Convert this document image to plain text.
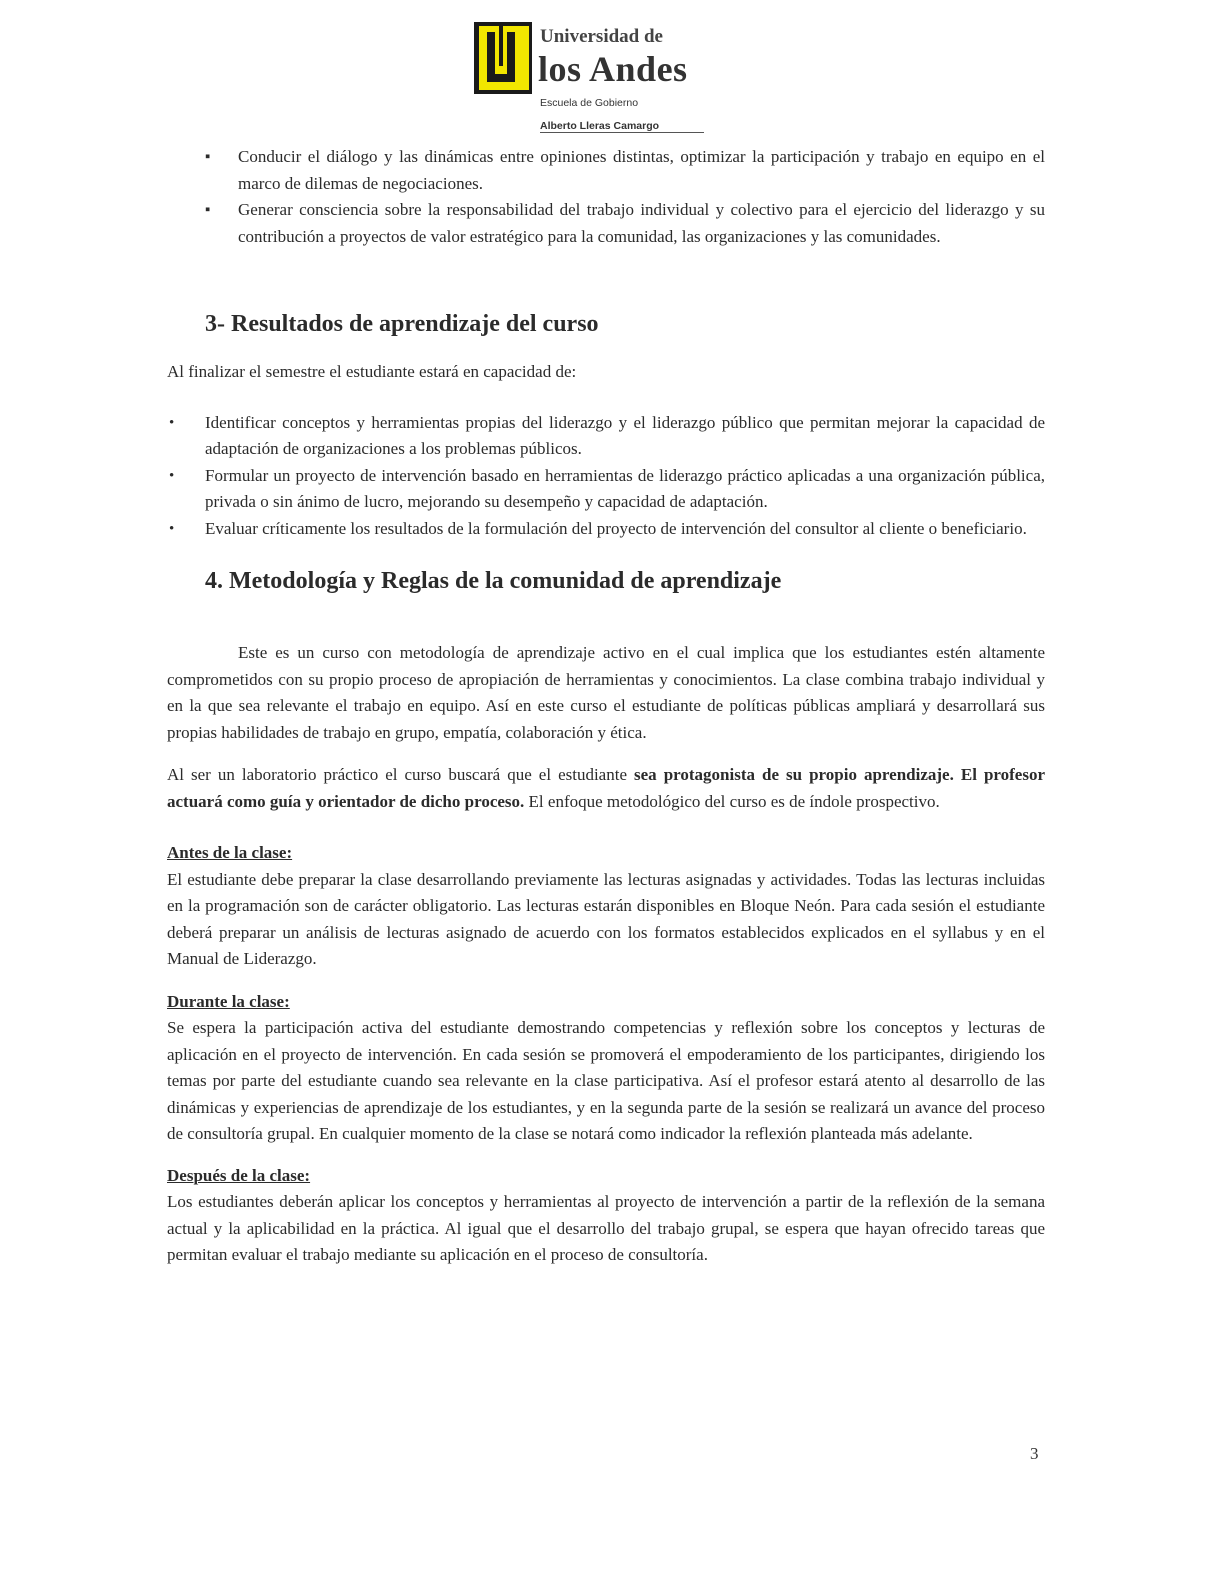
Universidad de
los Andes
Escuela de Gobierno
Alberto Lleras Camargo
▪ Conducir el diálogo y las dinámicas entre opiniones distintas, optimizar la participación y trabajo en equipo en el marco de dilemas de negociaciones.
▪ Generar consciencia sobre la responsabilidad del trabajo individual y colectivo para el ejercicio del liderazgo y su contribución a proyectos de valor estratégico para la comunidad, las organizaciones y las comunidades.
3- Resultados de aprendizaje del curso

Al finalizar el semestre el estudiante estará en capacidad de:

• Identificar conceptos y herramientas propias del liderazgo y el liderazgo público que permitan mejorar la capacidad de adaptación de organizaciones a los problemas públicos.
• Formular un proyecto de intervención basado en herramientas de liderazgo práctico aplicadas a una organización pública, privada o sin ánimo de lucro, mejorando su desempeño y capacidad de adaptación.
• Evaluar críticamente los resultados de la formulación del proyecto de intervención del consultor al cliente o beneficiario.
4. Metodología y Reglas de la comunidad de aprendizaje

Este es un curso con metodología de aprendizaje activo en el cual implica que los estudiantes estén altamente comprometidos con su propio proceso de apropiación de herramientas y conocimientos. La clase combina trabajo individual y en la que sea relevante el trabajo en equipo. Así en este curso el estudiante de políticas públicas ampliará y desarrollará sus propias habilidades de trabajo en grupo, empatía, colaboración y ética.

Al ser un laboratorio práctico el curso buscará que el estudiante sea protagonista de su propio aprendizaje. El profesor actuará como guía y orientador de dicho proceso. El enfoque metodológico del curso es de índole prospectivo.

Antes de la clase:

El estudiante debe preparar la clase desarrollando previamente las lecturas asignadas y actividades. Todas las lecturas incluidas en la programación son de carácter obligatorio. Las lecturas estarán disponibles en Bloque Neón. Para cada sesión el estudiante deberá preparar un análisis de lecturas asignado de acuerdo con los formatos establecidos explicados en el syllabus y en el Manual de Liderazgo.

Durante la clase:

Se espera la participación activa del estudiante demostrando competencias y reflexión sobre los conceptos y lecturas de aplicación en el proyecto de intervención. En cada sesión se promoverá el empoderamiento de los participantes, dirigiendo los temas por parte del estudiante cuando sea relevante en la clase participativa. Así el profesor estará atento al desarrollo de las dinámicas y experiencias de aprendizaje de los estudiantes, y en la segunda parte de la sesión se realizará un avance del proceso de consultoría grupal. En cualquier momento de la clase se notará como indicador la reflexión planteada más adelante.

Después de la clase:

Los estudiantes deberán aplicar los conceptos y herramientas al proyecto de intervención a partir de la reflexión de la semana actual y la aplicabilidad en la práctica. Al igual que el desarrollo del trabajo grupal, se espera que hayan ofrecido tareas que permitan evaluar el trabajo mediante su aplicación en el proceso de consultoría.

3
